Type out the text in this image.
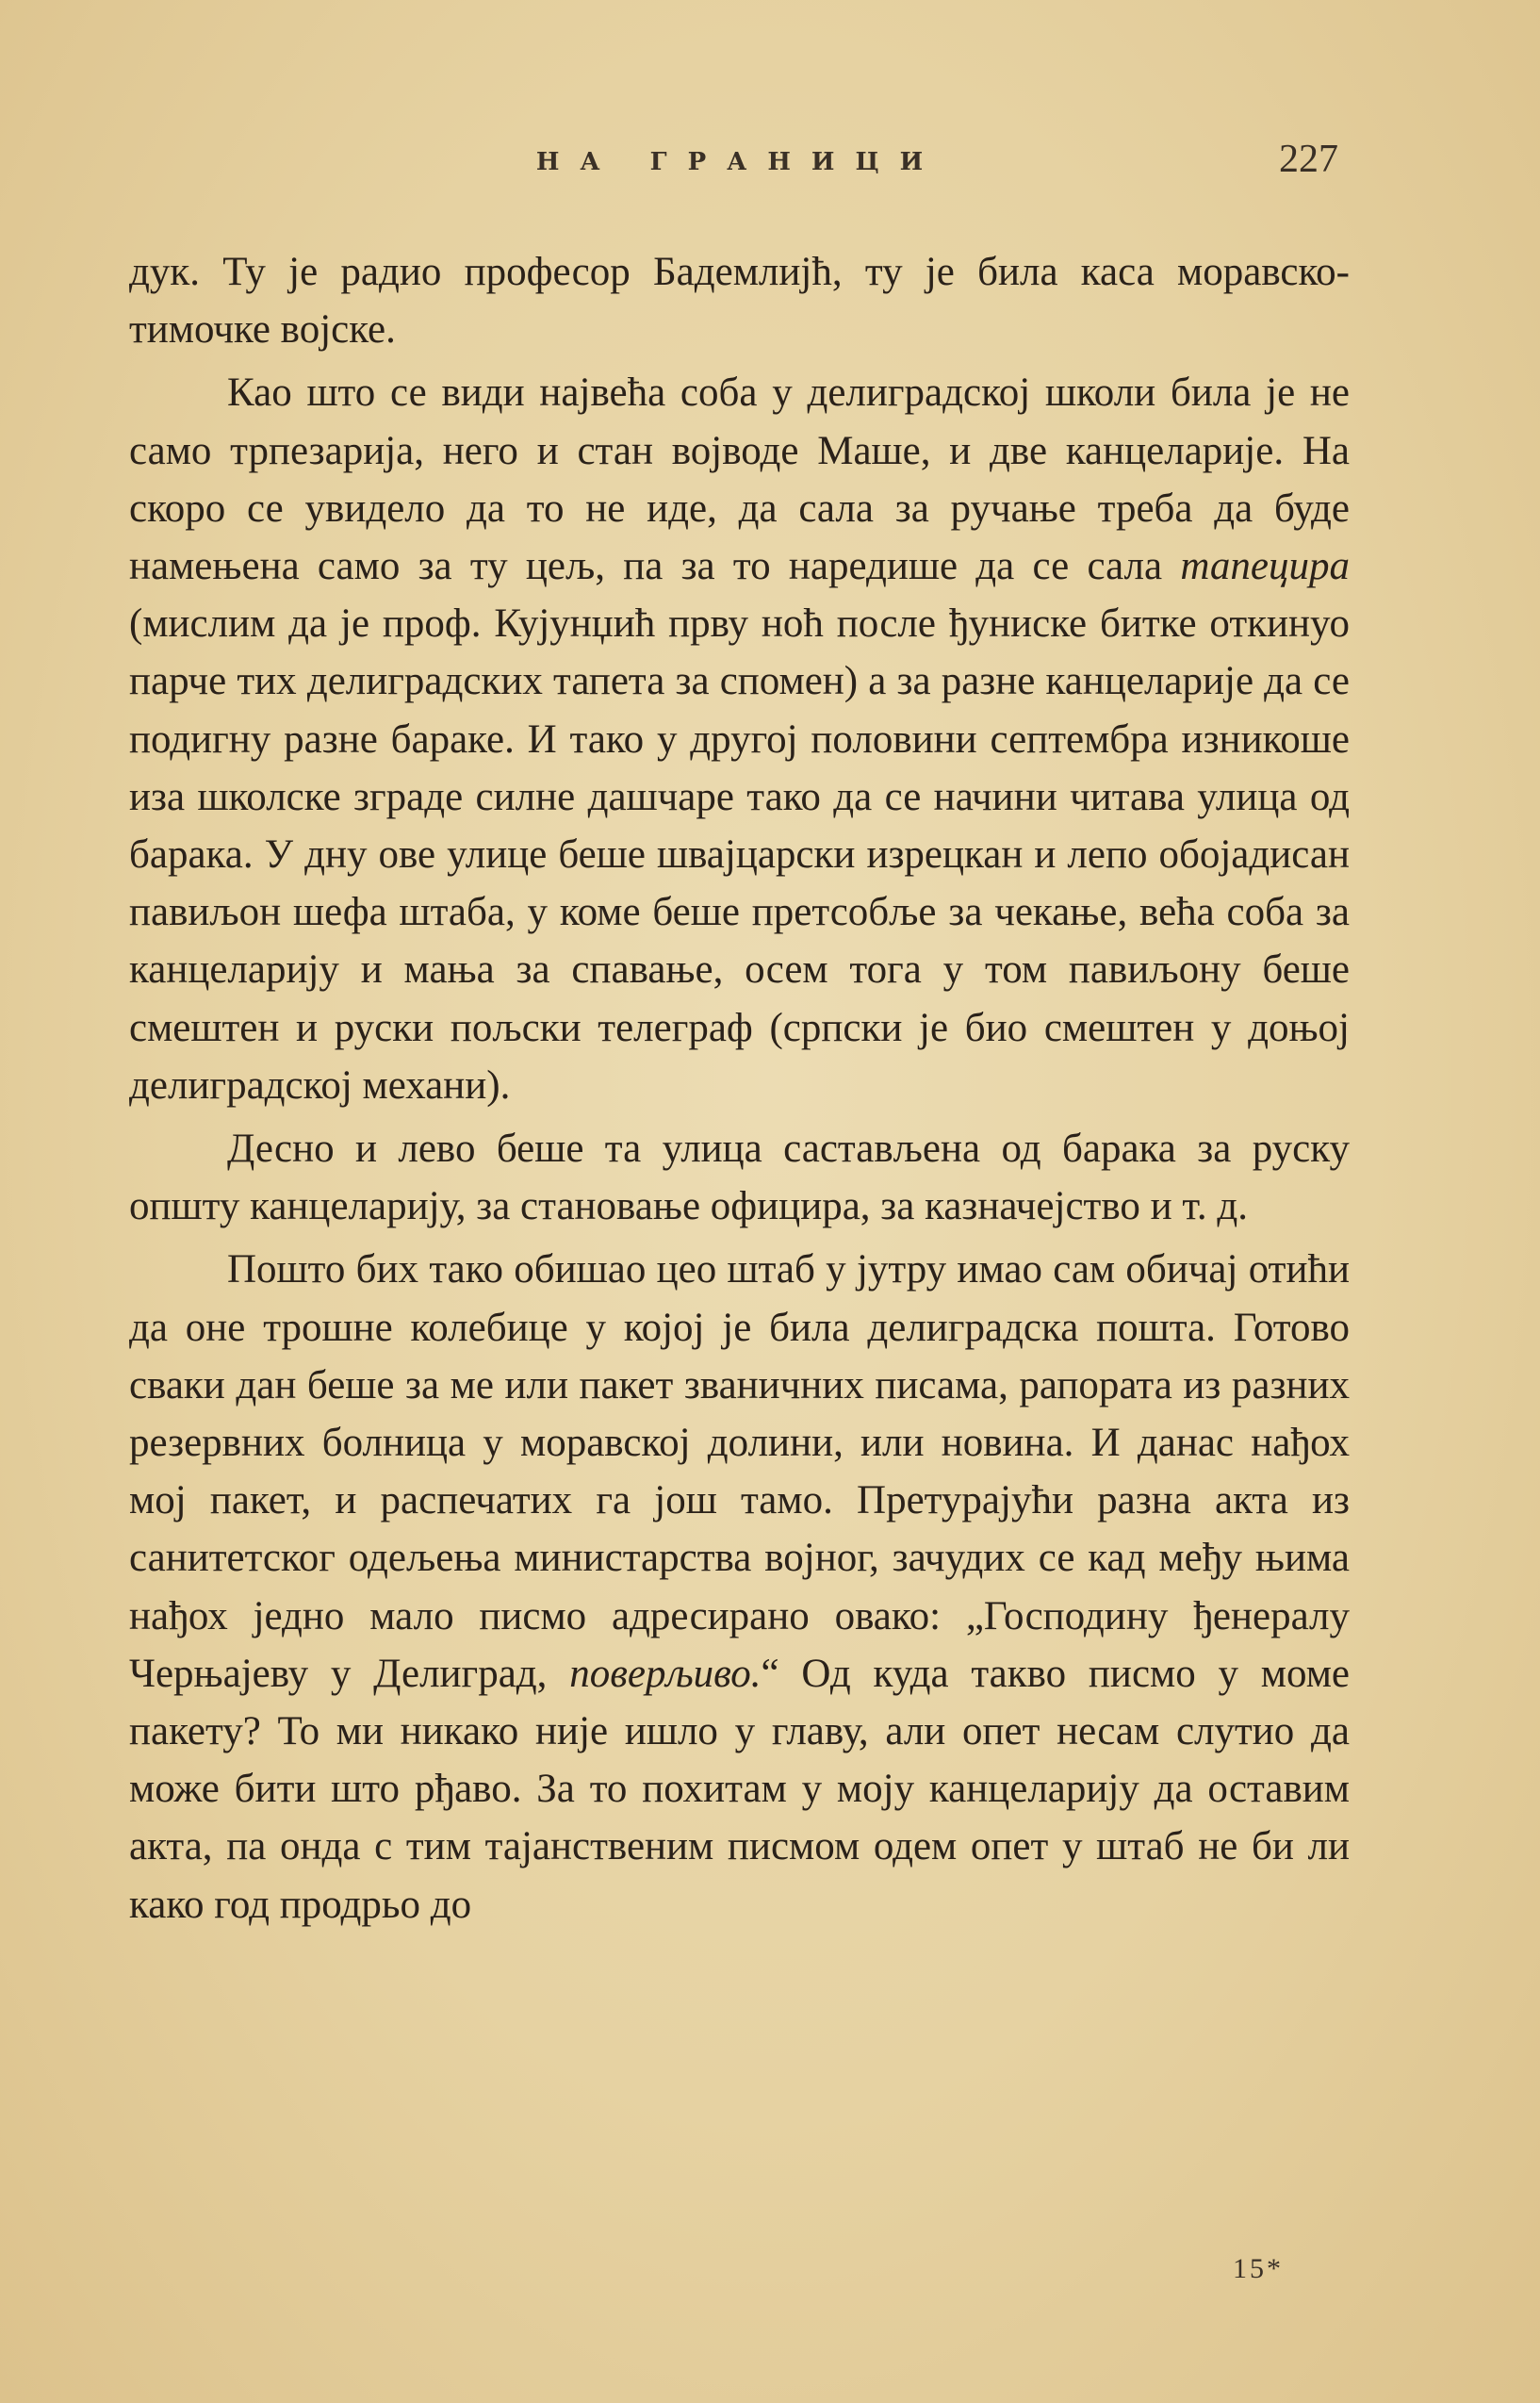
НА ГРАНИЦИ	227

дук. Ту је радио професор Бадемлијћ, ту је била каса моравско-тимочке војске.

Као што се види највећа соба у делиградској школи била је не само трпезарија, него и стан војводе Маше, и две канцеларије. На скоро се увидело да то не иде, да сала за ручање треба да буде намењена само за ту цељ, па за то наредише да се сала тапецира (мислим да је проф. Кујунџић прву ноћ после ђуниске битке откинуо парче тих делиградских тапета за спомен) а за разне канцеларије да се подигну разне бараке. И тако у другој половини септембра изникоше иза школске зграде силне дашчаре тако да се начини читава улица од барака. У дну ове улице беше швајцарски изрецкан и лепо обојадисан павиљон шефа штаба, у коме беше претсобље за чекање, већа соба за канцеларију и мања за спавање, осем тога у том павиљону беше смештен и руски пољски телеграф (српски је био смештен у доњој делиградској механи).

Десно и лево беше та улица састављена од барака за руску општу канцеларију, за становање официра, за казначејство и т. д.

Пошто бих тако обишао цео штаб у јутру имао сам обичај отићи да оне трошне колебице у којој је била делиградска пошта. Готово сваки дан беше за ме или пакет званичних писама, рапората из разних резервних болница у моравској долини, или новина. И данас нађох мој пакет, и распечатих га још тамо. Претурајући разна акта из санитетског одељења министарства војног, зачудих се кад међу њима нађох једно мало писмо адресирано овако: „Господину ђенералу Черњајеву у Делиград, поверљиво.“ Од куда такво писмо у моме пакету? То ми никако није ишло у главу, али опет несам слутио да може бити што рђаво. За то похитам у моју канцеларију да оставим акта, па онда с тим тајанственим писмом одем опет у штаб не би ли како год продрьо до

15*
